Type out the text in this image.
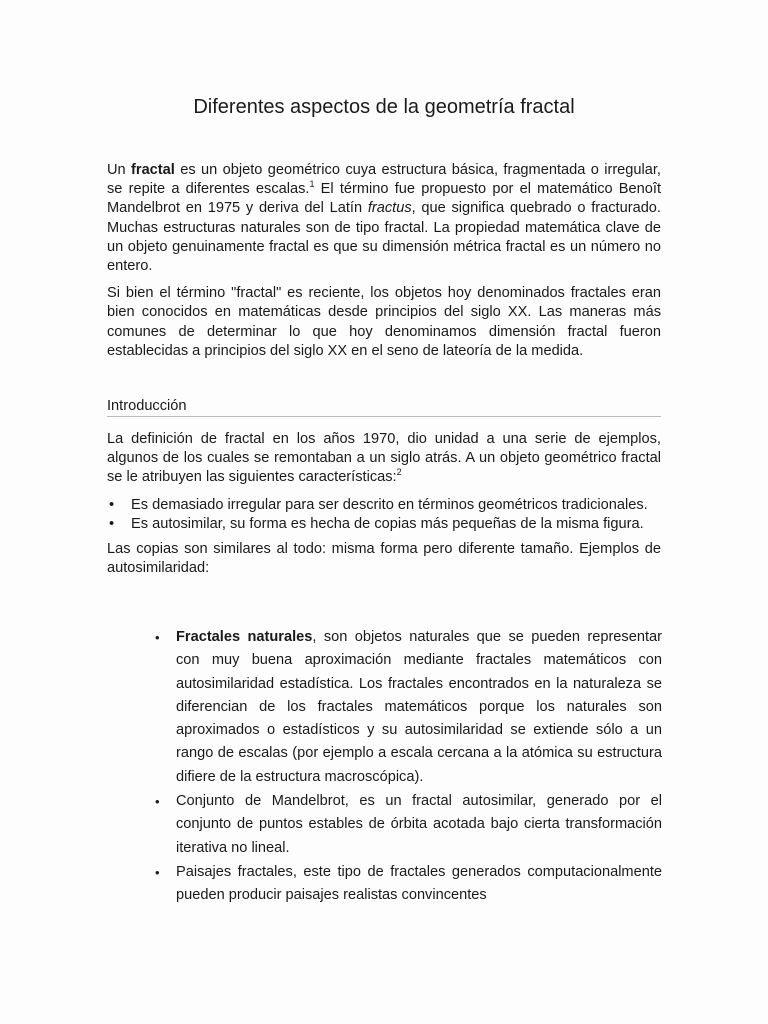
Diferentes aspectos de la geometría fractal

Un fractal es un objeto geométrico cuya estructura básica, fragmentada o irregular, se repite a diferentes escalas.$^1$ El término fue propuesto por el matemático Benoît Mandelbrot en 1975 y deriva del Latín fractus, que significa quebrado o fracturado. Muchas estructuras naturales son de tipo fractal. La propiedad matemática clave de un objeto genuinamente fractal es que su dimensión métrica fractal es un número no entero.

Si bien el término "fractal" es reciente, los objetos hoy denominados fractales eran bien conocidos en matemáticas desde principios del siglo XX. Las maneras más comunes de determinar lo que hoy denominamos dimensión fractal fueron establecidas a principios del siglo XX en el seno de lateoría de la medida.

Introducción

La definición de fractal en los años 1970, dio unidad a una serie de ejemplos, algunos de los cuales se remontaban a un siglo atrás. A un objeto geométrico fractal se le atribuyen las siguientes características:$^2$

• Es demasiado irregular para ser descrito en términos geométricos tradicionales.
• Es autosimilar, su forma es hecha de copias más pequeñas de la misma figura.

Las copias son similares al todo: misma forma pero diferente tamaño. Ejemplos de autosimilaridad:

• Fractales naturales, son objetos naturales que se pueden representar con muy buena aproximación mediante fractales matemáticos con autosimilaridad estadística. Los fractales encontrados en la naturaleza se diferencian de los fractales matemáticos porque los naturales son aproximados o estadísticos y su autosimilaridad se extiende sólo a un rango de escalas (por ejemplo a escala cercana a la atómica su estructura difiere de la estructura macroscópica).
• Conjunto de Mandelbrot, es un fractal autosimilar, generado por el conjunto de puntos estables de órbita acotada bajo cierta transformación iterativa no lineal.
• Paisajes fractales, este tipo de fractales generados computacionalmente pueden producir paisajes realistas convincentes
